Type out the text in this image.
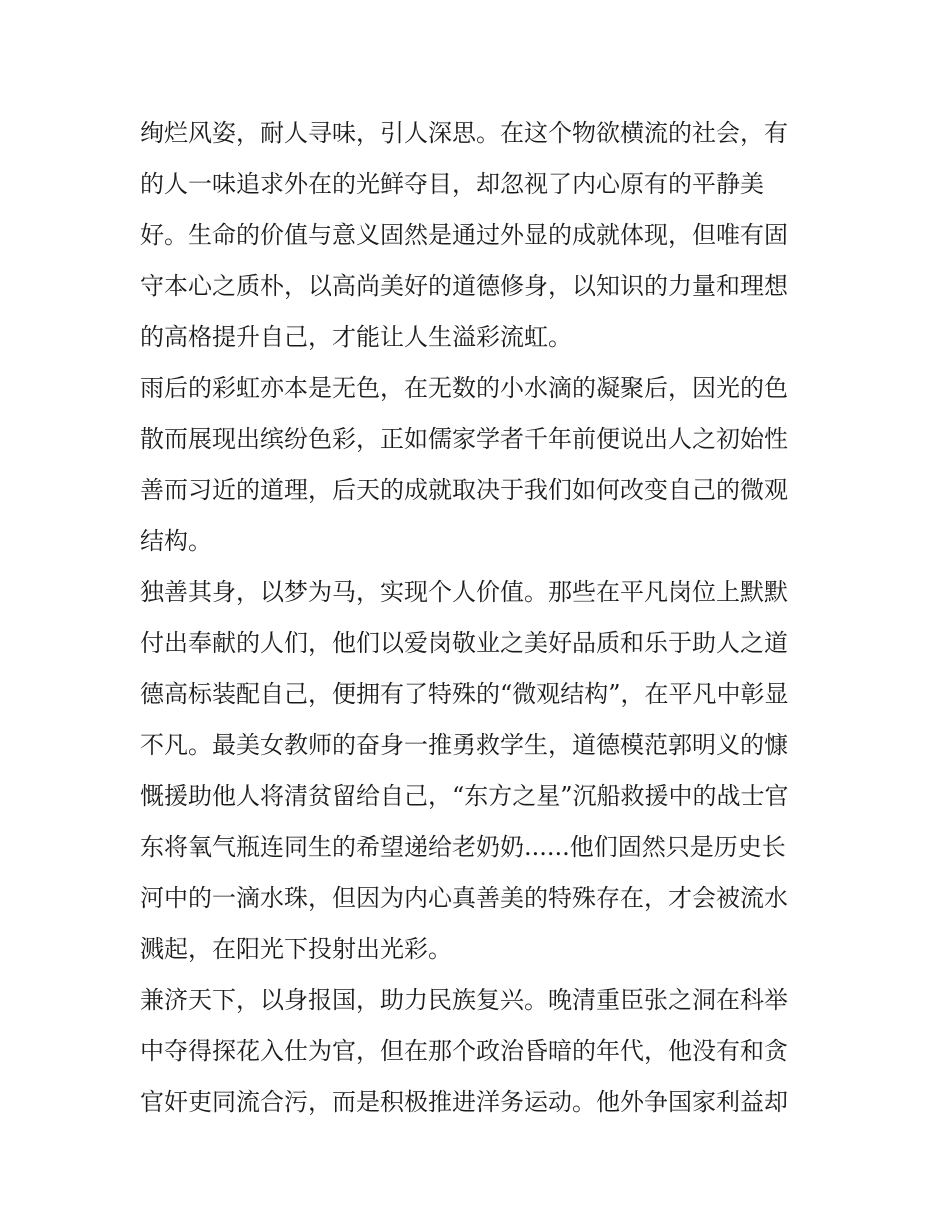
绚烂风姿，耐人寻味，引人深思。在这个物欲横流的社会，有
的人一味追求外在的光鲜夺目，却忽视了内心原有的平静美
好。生命的价值与意义固然是通过外显的成就体现，但唯有固
守本心之质朴，以高尚美好的道德修身，以知识的力量和理想
的高格提升自己，才能让人生溢彩流虹。
雨后的彩虹亦本是无色，在无数的小水滴的凝聚后，因光的色
散而展现出缤纷色彩，正如儒家学者千年前便说出人之初始性
善而习近的道理，后天的成就取决于我们如何改变自己的微观
结构。
独善其身，以梦为马，实现个人价值。那些在平凡岗位上默默
付出奉献的人们，他们以爱岗敬业之美好品质和乐于助人之道
德高标装配自己，便拥有了特殊的“微观结构”，在平凡中彰显
不凡。最美女教师的奋身一推勇救学生，道德模范郭明义的慷
慨援助他人将清贫留给自己，“东方之星”沉船救援中的战士官
东将氧气瓶连同生的希望递给老奶奶......他们固然只是历史长
河中的一滴水珠，但因为内心真善美的特殊存在，才会被流水
溅起，在阳光下投射出光彩。
兼济天下，以身报国，助力民族复兴。晚清重臣张之洞在科举
中夺得探花入仕为官，但在那个政治昏暗的年代，他没有和贪
官奸吏同流合污，而是积极推进洋务运动。他外争国家利益却
